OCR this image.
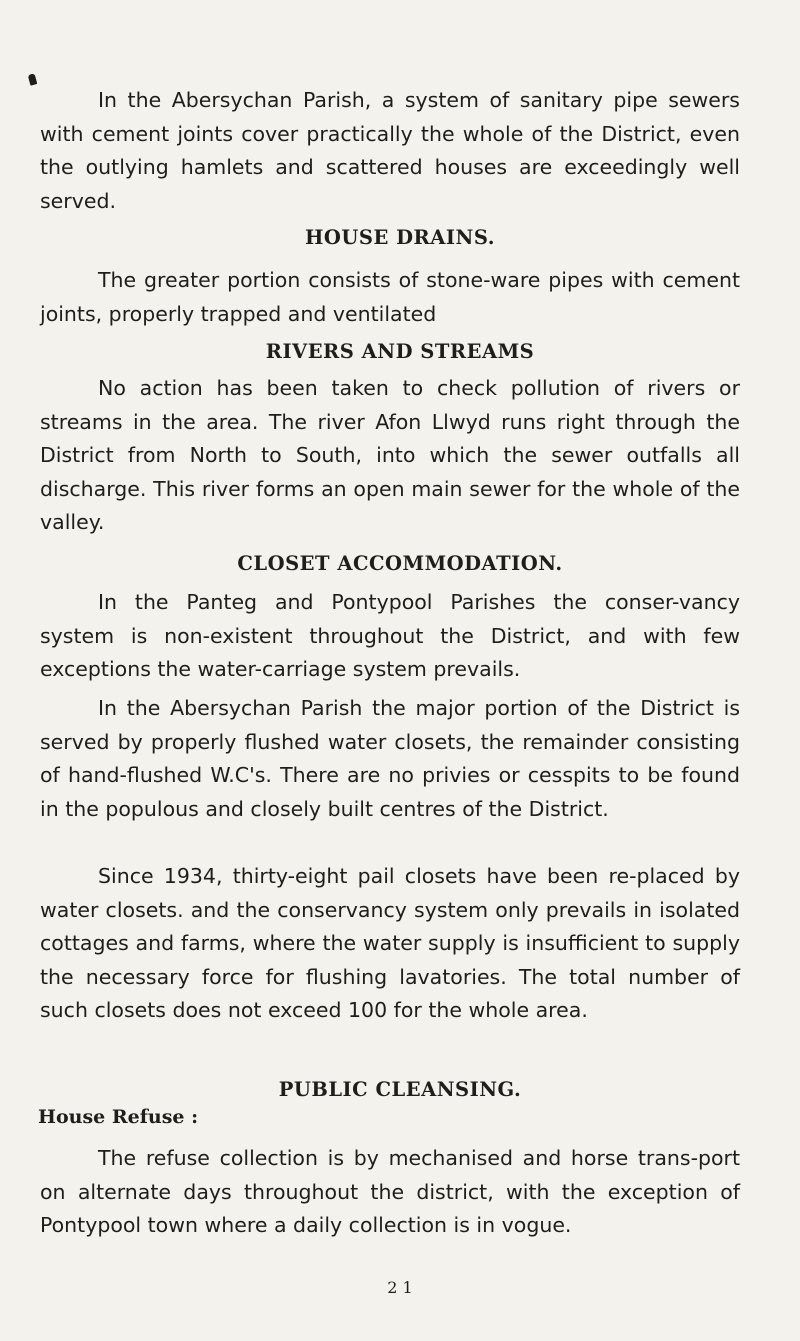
In the Abersychan Parish, a system of sanitary pipe sewers with cement joints cover practically the whole of the District, even the outlying hamlets and scattered houses are exceedingly well served.

HOUSE DRAINS.

The greater portion consists of stone-ware pipes with cement joints, properly trapped and ventilated

RIVERS AND STREAMS

No action has been taken to check pollution of rivers or streams in the area. The river Afon Llwyd runs right through the District from North to South, into which the sewer outfalls all discharge. This river forms an open main sewer for the whole of the valley.

CLOSET ACCOMMODATION.

In the Panteg and Pontypool Parishes the conser-vancy system is non-existent throughout the District, and with few exceptions the water-carriage system prevails.

In the Abersychan Parish the major portion of the District is served by properly flushed water closets, the remainder consisting of hand-flushed W.C's. There are no privies or cesspits to be found in the populous and closely built centres of the District.

Since 1934, thirty-eight pail closets have been re-placed by water closets. and the conservancy system only prevails in isolated cottages and farms, where the water supply is insufficient to supply the necessary force for flushing lavatories. The total number of such closets does not exceed 100 for the whole area.

PUBLIC CLEANSING.
House Refuse :

The refuse collection is by mechanised and horse trans-port on alternate days throughout the district, with the exception of Pontypool town where a daily collection is in vogue.

2 1
